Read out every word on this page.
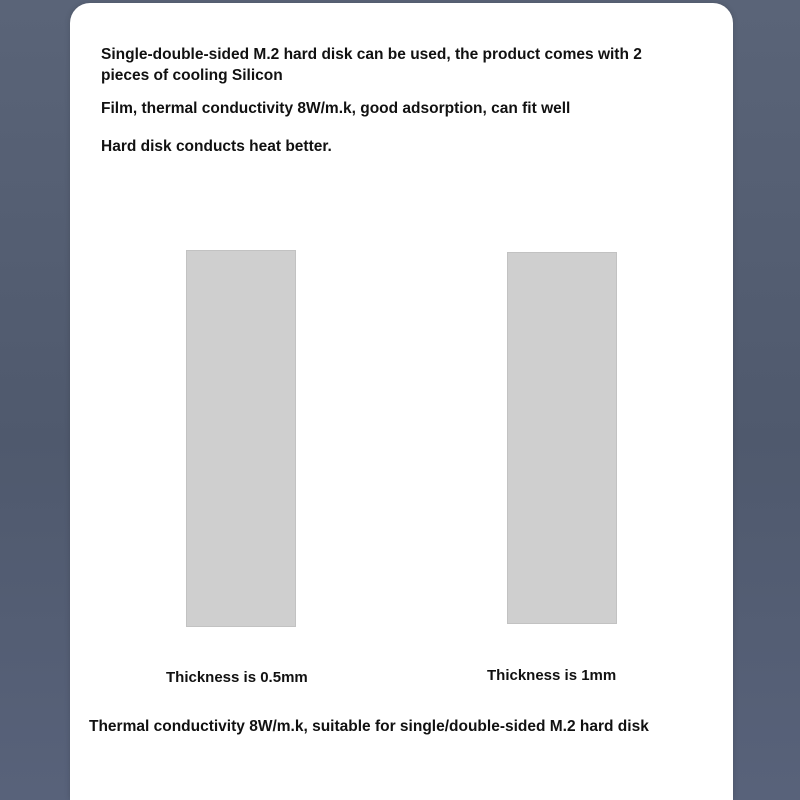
Single-double-sided M.2 hard disk can be used, the product comes with 2
pieces of cooling Silicon
Film, thermal conductivity 8W/m.k, good adsorption, can fit well
Hard disk conducts heat better.
Thickness is 0.5mm	Thickness is 1mm
Thermal conductivity 8W/m.k, suitable for single/double-sided M.2 hard disk
